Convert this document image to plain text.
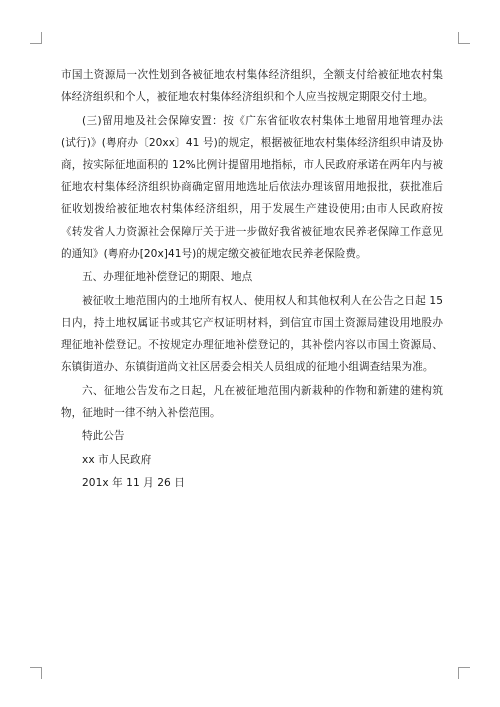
市国土资源局一次性划到各被征地农村集体经济组织，全额支付给被征地农村集体经济组织和个人，被征地农村集体经济组织和个人应当按规定期限交付土地。

(三)留用地及社会保障安置：按《广东省征收农村集体土地留用地管理办法(试行)》(粤府办〔20xx〕41 号)的规定，根据被征地农村集体经济组织申请及协商，按实际征地面积的 12%比例计提留用地指标，市人民政府承诺在两年内与被征地农村集体经济组织协商确定留用地选址后依法办理该留用地报批，获批准后征收划拨给被征地农村集体经济组织，用于发展生产建设使用;由市人民政府按《转发省人力资源社会保障厅关于进一步做好我省被征地农民养老保障工作意见的通知》(粤府办[20x]41号)的规定缴交被征地农民养老保险费。

五、办理征地补偿登记的期限、地点

被征收土地范围内的土地所有权人、使用权人和其他权利人在公告之日起 15 日内，持土地权属证书或其它产权证明材料，到信宜市国土资源局建设用地股办理征地补偿登记。不按规定办理征地补偿登记的，其补偿内容以市国土资源局、东镇街道办、东镇街道尚文社区居委会相关人员组成的征地小组调查结果为准。

六、征地公告发布之日起，凡在被征地范围内新栽种的作物和新建的建构筑物，征地时一律不纳入补偿范围。

特此公告

xx 市人民政府

201x 年 11 月 26 日
